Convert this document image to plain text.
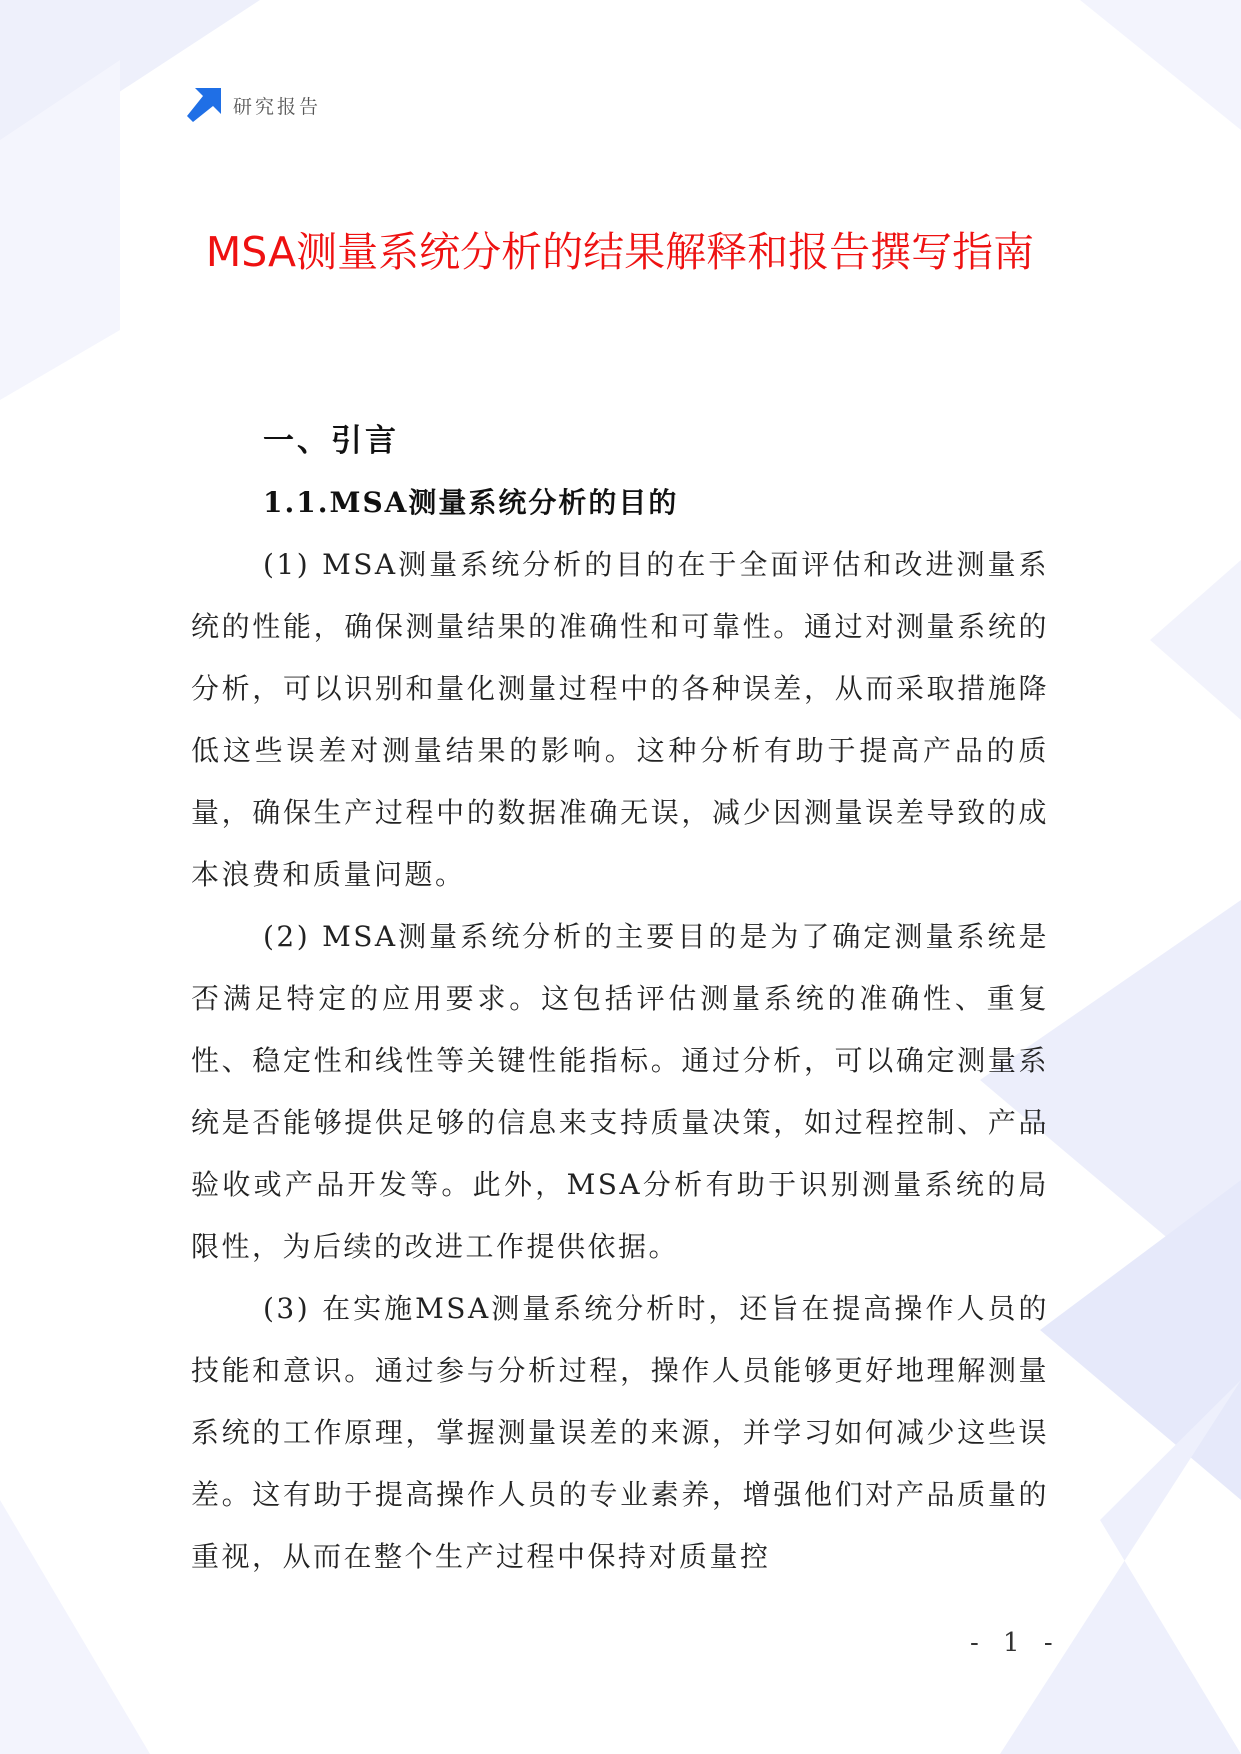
研究报告
MSA测量系统分析的结果解释和报告撰写指南
一、引言
1.1.MSA测量系统分析的目的

(1) MSA测量系统分析的目的在于全面评估和改进测量系统的性能，确保测量结果的准确性和可靠性。通过对测量系统的分析，可以识别和量化测量过程中的各种误差，从而采取措施降低这些误差对测量结果的影响。这种分析有助于提高产品的质量，确保生产过程中的数据准确无误，减少因测量误差导致的成本浪费和质量问题。

(2) MSA测量系统分析的主要目的是为了确定测量系统是否满足特定的应用要求。这包括评估测量系统的准确性、重复性、稳定性和线性等关键性能指标。通过分析，可以确定测量系统是否能够提供足够的信息来支持质量决策，如过程控制、产品验收或产品开发等。此外，MSA分析有助于识别测量系统的局限性，为后续的改进工作提供依据。

(3) 在实施MSA测量系统分析时，还旨在提高操作人员的技能和意识。通过参与分析过程，操作人员能够更好地理解测量系统的工作原理，掌握测量误差的来源，并学习如何减少这些误差。这有助于提高操作人员的专业素养，增强他们对产品质量的重视，从而在整个生产过程中保持对质量控

- 1 -
